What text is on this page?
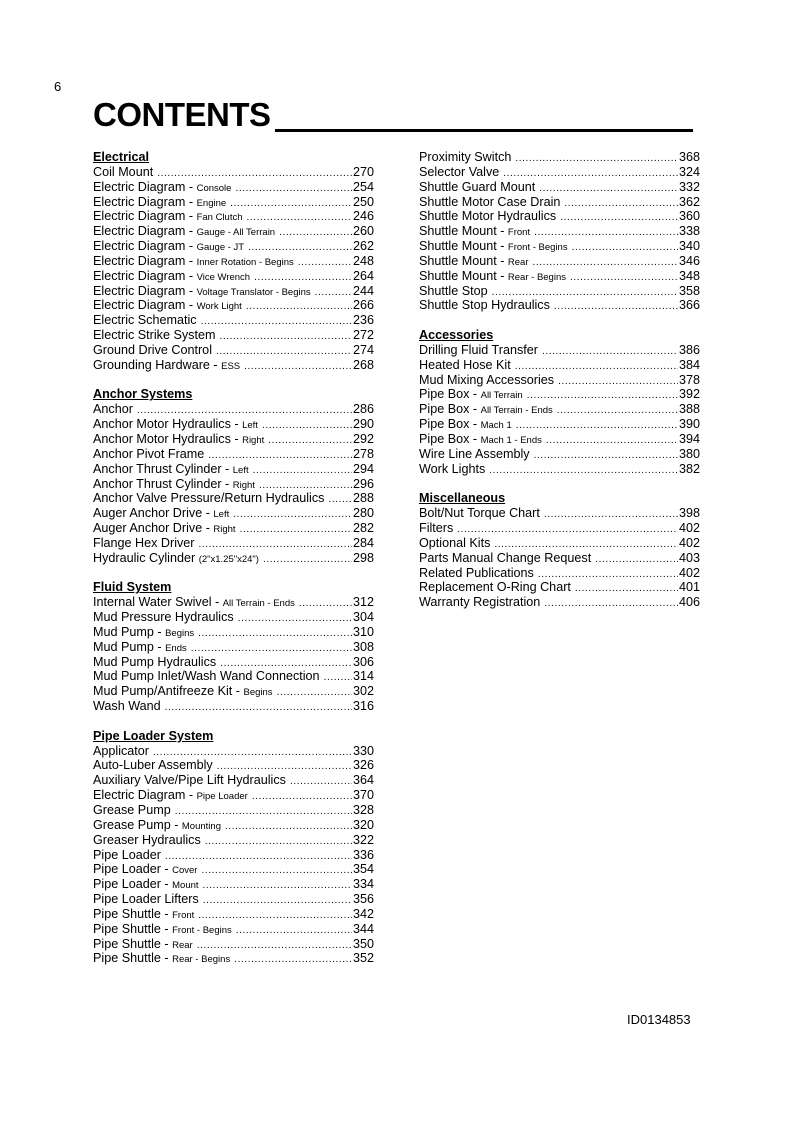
6
CONTENTS
Electrical
Coil Mount .....	270
Electric Diagram - Console .....	254
Electric Diagram - Engine .....	250
Electric Diagram - Fan Clutch .....	246
Electric Diagram - Gauge - All Terrain .....	260
Electric Diagram - Gauge - JT .....	262
Electric Diagram - Inner Rotation - Begins .....	248
Electric Diagram - Vice Wrench .....	264
Electric Diagram - Voltage Translator - Begins .....	244
Electric Diagram - Work Light .....	266
Electric Schematic .....	236
Electric Strike System .....	272
Ground Drive Control .....	274
Grounding Hardware - ESS .....	268
Anchor Systems
Anchor .....	286
Anchor Motor Hydraulics - Left .....	290
Anchor Motor Hydraulics - Right .....	292
Anchor Pivot Frame .....	278
Anchor Thrust Cylinder - Left .....	294
Anchor Thrust Cylinder - Right .....	296
Anchor Valve Pressure/Return Hydraulics ..... 288
Auger Anchor Drive - Left .....	280
Auger Anchor Drive - Right .....	282
Flange Hex Driver .....	284
Hydraulic Cylinder (2"x1.25"x24") .....	298
Fluid System
Internal Water Swivel - All Terrain - Ends .....	312
Mud Pressure Hydraulics .....	304
Mud Pump - Begins .....	310
Mud Pump - Ends .....	308
Mud Pump Hydraulics .....	306
Mud Pump Inlet/Wash Wand Connection .....	314
Mud Pump/Antifreeze Kit - Begins .....	302
Wash Wand .....	316
Pipe Loader System
Applicator .....	330
Auto-Luber Assembly .....	326
Auxiliary Valve/Pipe Lift Hydraulics .....	364
Electric Diagram - Pipe Loader .....	370
Grease Pump .....	328
Grease Pump - Mounting .....	320
Greaser Hydraulics .....	322
Pipe Loader .....	336
Pipe Loader - Cover .....	354
Pipe Loader - Mount .....	334
Pipe Loader Lifters .....	356
Pipe Shuttle - Front .....	342
Pipe Shuttle - Front - Begins .....	344
Pipe Shuttle - Rear .....	350
Pipe Shuttle - Rear - Begins .....	352
Proximity Switch .....	368
Selector Valve .....	324
Shuttle Guard Mount .....	332
Shuttle Motor Case Drain .....	362
Shuttle Motor Hydraulics .....	360
Shuttle Mount - Front .....	338
Shuttle Mount - Front - Begins .....	340
Shuttle Mount - Rear .....	346
Shuttle Mount - Rear - Begins .....	348
Shuttle Stop .....	358
Shuttle Stop Hydraulics .....	366
Accessories
Drilling Fluid Transfer .....	386
Heated Hose Kit .....	384
Mud Mixing Accessories .....	378
Pipe Box - All Terrain .....	392
Pipe Box - All Terrain - Ends .....	388
Pipe Box - Mach 1 .....	390
Pipe Box - Mach 1 - Ends .....	394
Wire Line Assembly .....	380
Work Lights .....	382
Miscellaneous
Bolt/Nut Torque Chart .....	398
Filters .....	402
Optional Kits .....	402
Parts Manual Change Request .....	403
Related Publications .....	402
Replacement O-Ring Chart .....	401
Warranty Registration .....	406
ID0134853
